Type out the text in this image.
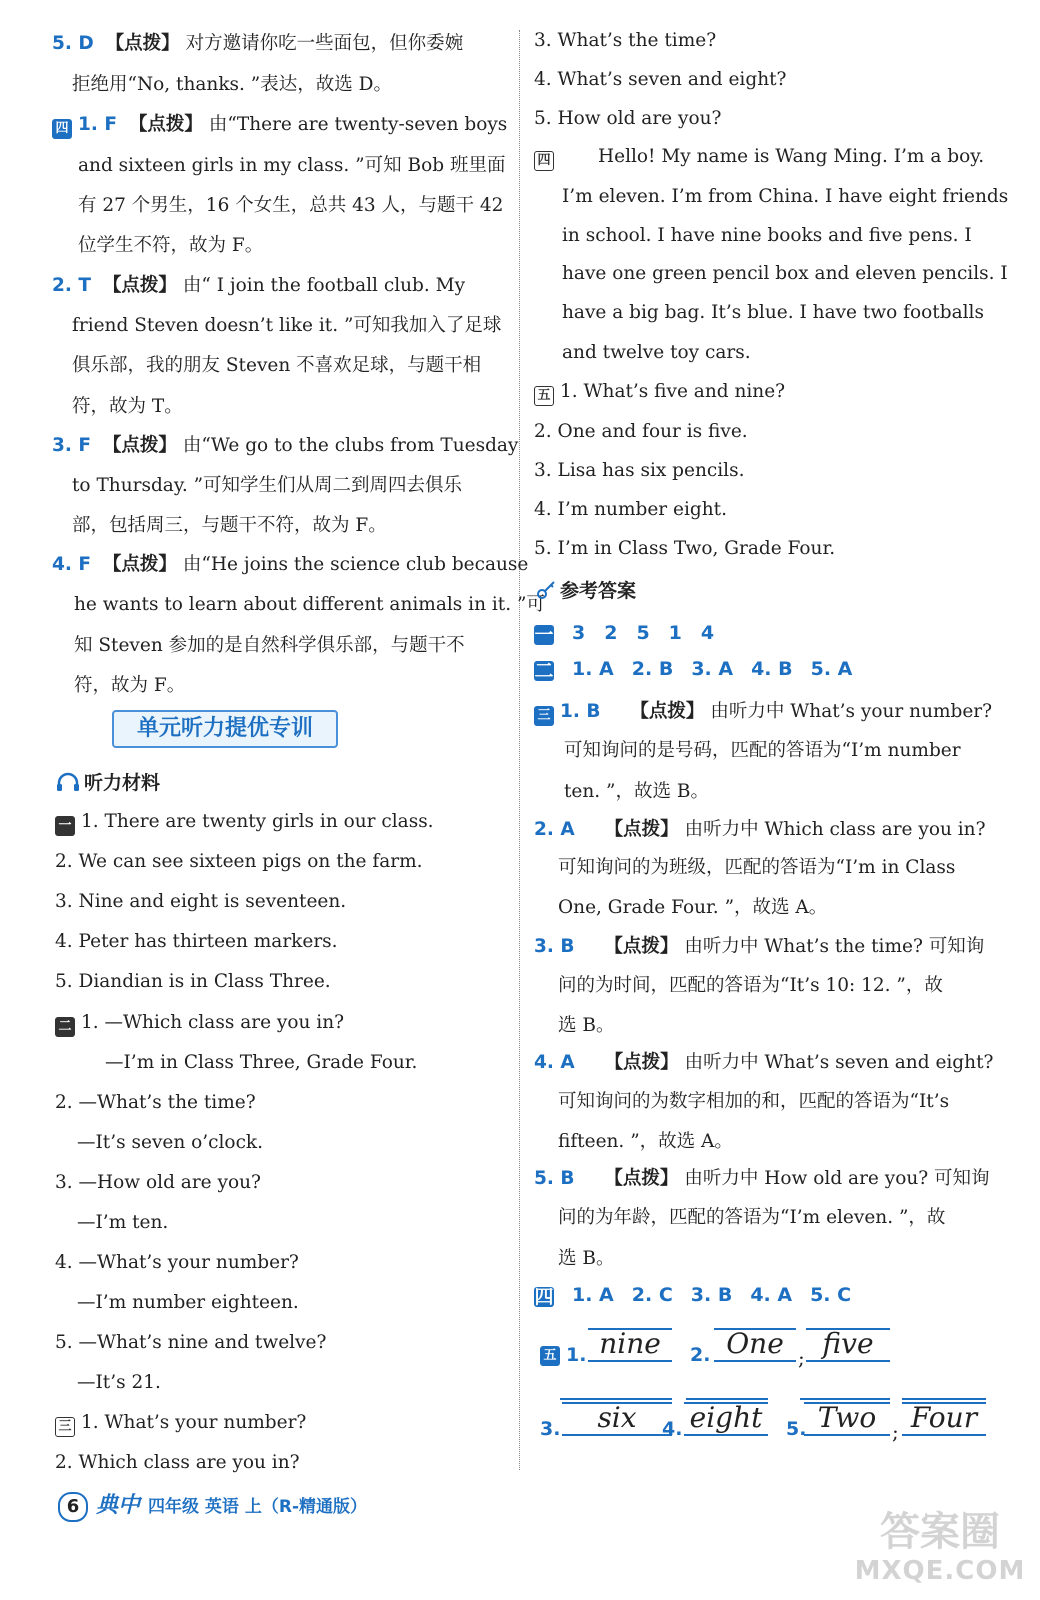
5. D 【点拨】 对方邀请你吃一些面包，但你委婉
拒绝用“No, thanks. ”表达，故选 D。
四 1. F 【点拨】 由“There are twenty-seven boys
and sixteen girls in my class. ”可知 Bob 班里面
有 27 个男生，16 个女生，总共 43 人，与题干 42
位学生不符，故为 F。
2. T 【点拨】 由“ I join the football club. My
friend Steven doesn’t like it. ”可知我加入了足球
俱乐部，我的朋友 Steven 不喜欢足球，与题干相
符，故为 T。
3. F 【点拨】 由“We go to the clubs from Tuesday
to Thursday. ”可知学生们从周二到周四去俱乐
部，包括周三，与题干不符，故为 F。
4. F 【点拨】 由“He joins the science club because
he wants to learn about different animals in it. ”可
知 Steven 参加的是自然科学俱乐部，与题干不
符，故为 F。
单元听力提优专训
听力材料
一 1. There are twenty girls in our class.
2. We can see sixteen pigs on the farm.
3. Nine and eight is seventeen.
4. Peter has thirteen markers.
5. Diandian is in Class Three.
二 1. —Which class are you in?
—I’m in Class Three, Grade Four.
2. —What’s the time?
—It’s seven o’clock.
3. —How old are you?
—I’m ten.
4. —What’s your number?
—I’m number eighteen.
5. —What’s nine and twelve?
—It’s 21.
三 1. What’s your number?
2. Which class are you in?
3. What’s the time?
4. What’s seven and eight?
5. How old are you?
四	Hello! My name is Wang Ming. I’m a boy.
I’m eleven. I’m from China. I have eight friends
in school. I have nine books and five pens. I
have one green pencil box and eleven pencils. I
have a big bag. It’s blue. I have two footballs
and twelve toy cars.
五 1. What’s five and nine?
2. One and four is five.
3. Lisa has six pencils.
4. I’m number eight.
5. I’m in Class Two, Grade Four.
参考答案
一 3　2　5　1　4
二 1. A 2. B 3. A 4. B 5. A
三 1. B 【点拨】 由听力中 What’s your number?
可知询问的是号码，匹配的答语为“I’m number
ten. ”，故选 B。
2. A 【点拨】 由听力中 Which class are you in?
可知询问的为班级，匹配的答语为“I’m in Class
One, Grade Four. ”，故选 A。
3. B 【点拨】 由听力中 What’s the time? 可知询
问的为时间，匹配的答语为“It’s 10: 12. ”，故
选 B。
4. A 【点拨】 由听力中 What’s seven and eight?
可知询问的为数字相加的和，匹配的答语为“It’s
fifteen. ”，故选 A。
5. B 【点拨】 由听力中 How old are you? 可知询
问的为年龄，匹配的答语为“I’m eleven. ”，故
选 B。
四 1. A 2. C 3. B 4. A 5. C
五 1. nine	2. One ; five
3.	six	4. eight 5. Two ; Four
6 典中 四年级 英语 上（R-精通版）
答案圈
MXQE.COM
